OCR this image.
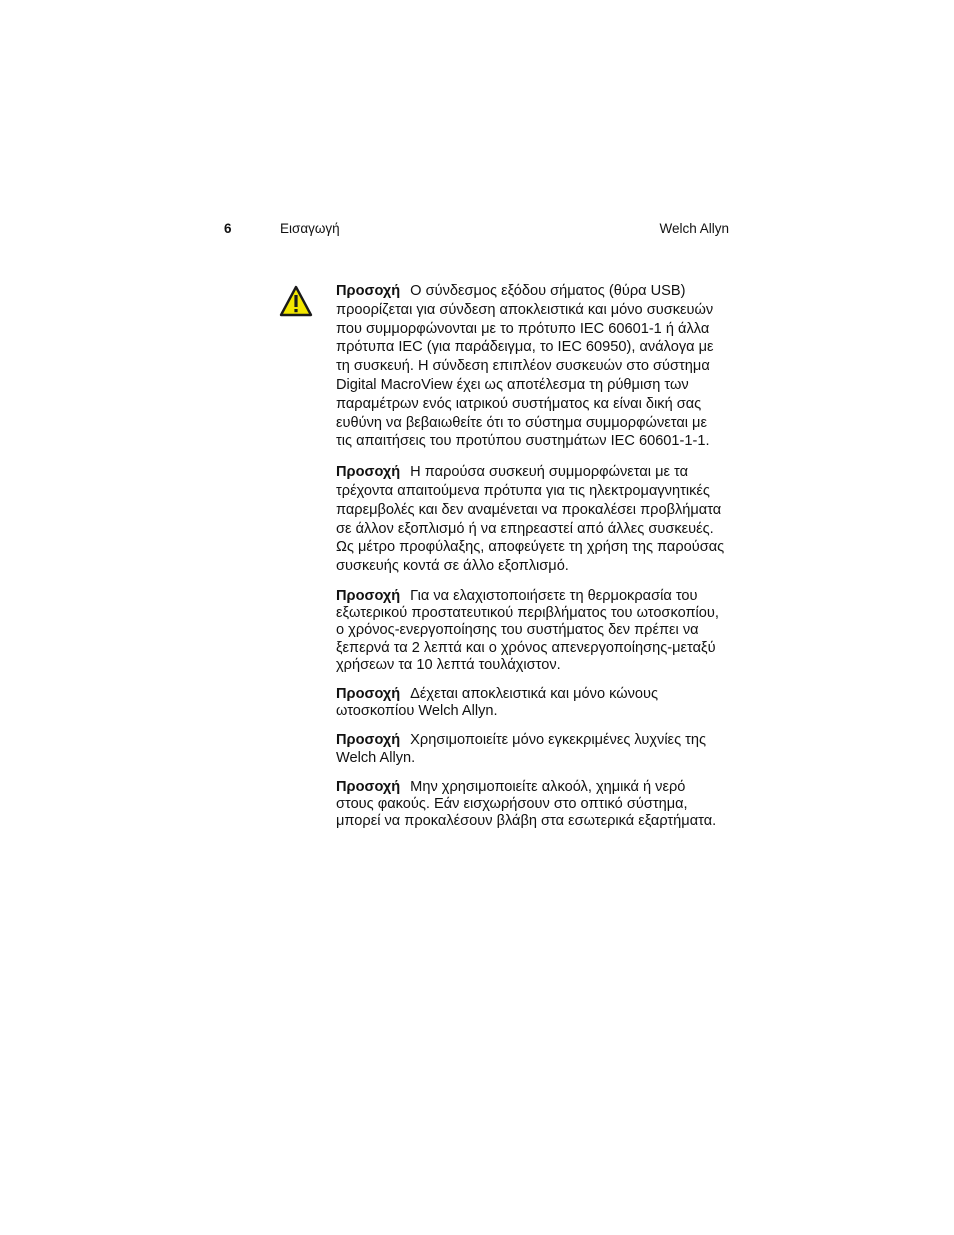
6	Εισαγωγή	Welch Allyn

Προσοχή Ο σύνδεσμος εξόδου σήματος (θύρα USB) προορίζεται για σύνδεση αποκλειστικά και μόνο συσκευών που συμμορφώνονται με το πρότυπο IEC 60601-1 ή άλλα πρότυπα IEC (για παράδειγμα, το IEC 60950), ανάλογα με τη συσκευή. Η σύνδεση επιπλέον συσκευών στο σύστημα Digital MacroView έχει ως αποτέλεσμα τη ρύθμιση των παραμέτρων ενός ιατρικού συστήματος κα είναι δική σας ευθύνη να βεβαιωθείτε ότι το σύστημα συμμορφώνεται με τις απαιτήσεις του προτύπου συστημάτων IEC 60601-1-1.

Προσοχή Η παρούσα συσκευή συμμορφώνεται με τα τρέχοντα απαιτούμενα πρότυπα για τις ηλεκτρομαγνητικές παρεμβολές και δεν αναμένεται να προκαλέσει προβλήματα σε άλλον εξοπλισμό ή να επηρεαστεί από άλλες συσκευές. Ως μέτρο προφύλαξης, αποφεύγετε τη χρήση της παρούσας συσκευής κοντά σε άλλο εξοπλισμό.

Προσοχή Για να ελαχιστοποιήσετε τη θερμοκρασία του εξωτερικού προστατευτικού περιβλήματος του ωτοσκοπίου, ο χρόνος-ενεργοποίησης του συστήματος δεν πρέπει να ξεπερνά τα 2 λεπτά και ο χρόνος απενεργοποίησης-μεταξύ χρήσεων τα 10 λεπτά τουλάχιστον.

Προσοχή Δέχεται αποκλειστικά και μόνο κώνους ωτοσκοπίου Welch Allyn.

Προσοχή Χρησιμοποιείτε μόνο εγκεκριμένες λυχνίες της Welch Allyn.

Προσοχή Μην χρησιμοποιείτε αλκοόλ, χημικά ή νερό στους φακούς. Εάν εισχωρήσουν στο οπτικό σύστημα, μπορεί να προκαλέσουν βλάβη στα εσωτερικά εξαρτήματα.
